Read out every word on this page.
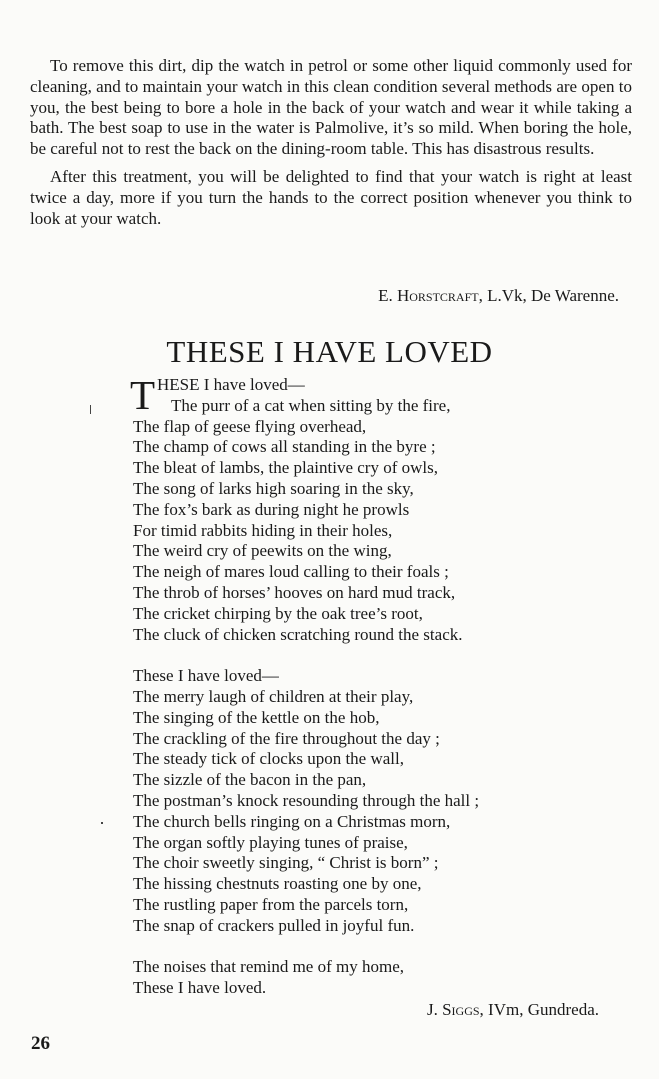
To remove this dirt, dip the watch in petrol or some other liquid commonly used for cleaning, and to maintain your watch in this clean condition several methods are open to you, the best being to bore a hole in the back of your watch and wear it while taking a bath. The best soap to use in the water is Palmolive, it’s so mild. When boring the hole, be careful not to rest the back on the dining-room table. This has disastrous results.

After this treatment, you will be delighted to find that your watch is right at least twice a day, more if you turn the hands to the correct position whenever you think to look at your watch.

E. Horstcraft, L.Vk, De Warenne.
THESE I HAVE LOVED
T HESE I have loved—
The purr of a cat when sitting by the fire,
The flap of geese flying overhead,
The champ of cows all standing in the byre ;
The bleat of lambs, the plaintive cry of owls,
The song of larks high soaring in the sky,
The fox’s bark as during night he prowls
For timid rabbits hiding in their holes,
The weird cry of peewits on the wing,
The neigh of mares loud calling to their foals ;
The throb of horses’ hooves on hard mud track,
The cricket chirping by the oak tree’s root,
The cluck of chicken scratching round the stack.
These I have loved—
The merry laugh of children at their play,
The singing of the kettle on the hob,
The crackling of the fire throughout the day ;
The steady tick of clocks upon the wall,
The sizzle of the bacon in the pan,
The postman’s knock resounding through the hall ;
The church bells ringing on a Christmas morn,
The organ softly playing tunes of praise,
The choir sweetly singing, “ Christ is born” ;
The hissing chestnuts roasting one by one,
The rustling paper from the parcels torn,
The snap of crackers pulled in joyful fun.
The noises that remind me of my home,
These I have loved.
J. Siggs, IVm, Gundreda.
26
